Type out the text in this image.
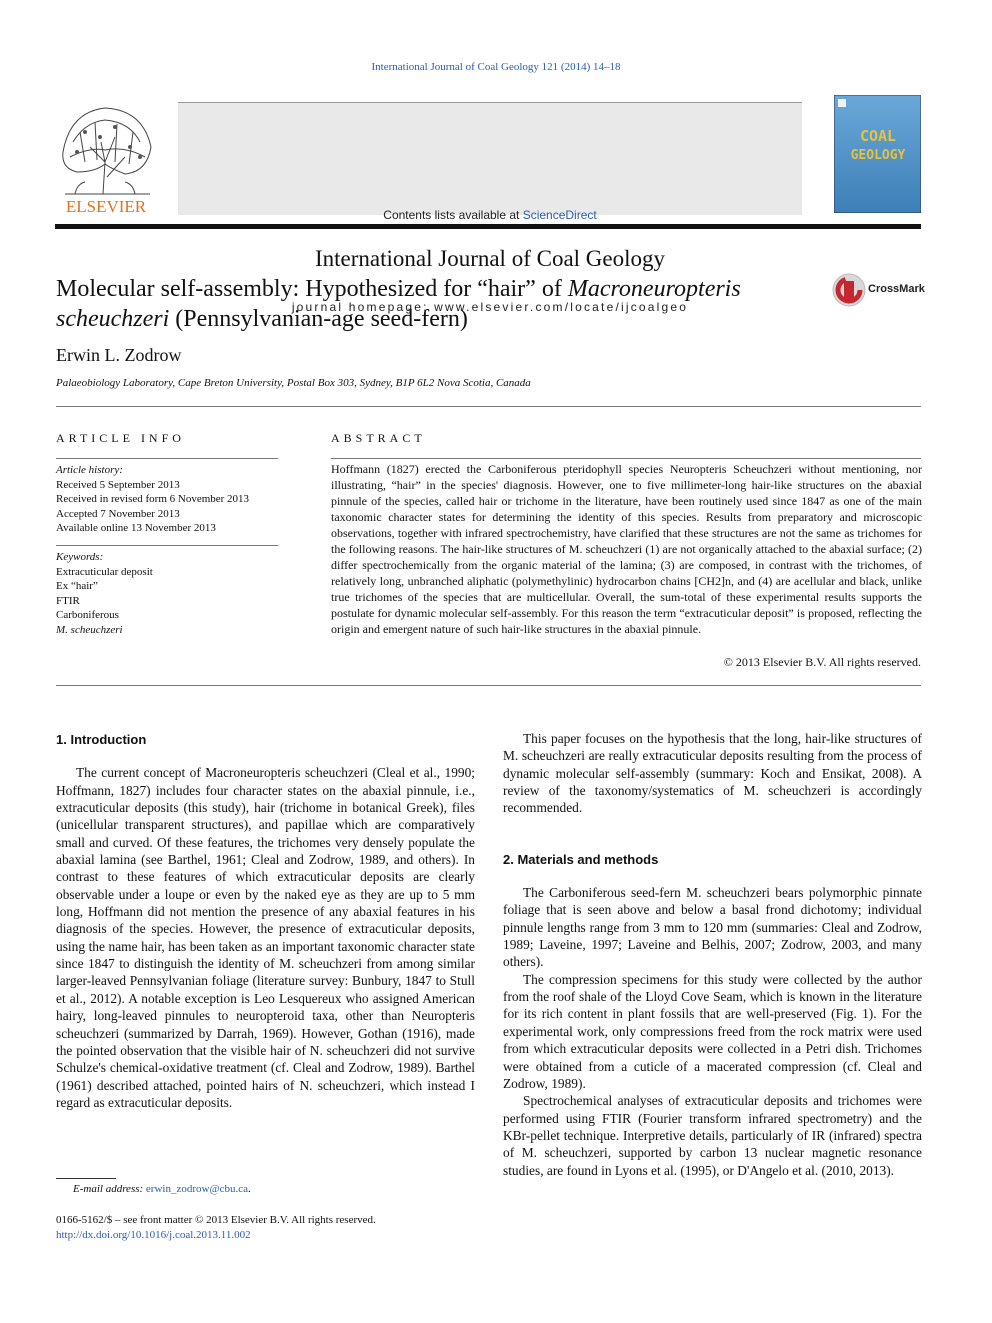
International Journal of Coal Geology 121 (2014) 14–18
ELSEVIER	Contents lists available at ScienceDirect
International Journal of Coal Geology
journal homepage: www.elsevier.com/locate/ijcoalgeo
COAL
GEOLOGY
Molecular self-assembly: Hypothesized for “hair” of Macroneuropteris scheuchzeri (Pennsylvanian-age seed-fern)
CrossMark
Erwin L. Zodrow
Palaeobiology Laboratory, Cape Breton University, Postal Box 303, Sydney, B1P 6L2 Nova Scotia, Canada
ARTICLE INFO
Article history:
Received 5 September 2013
Received in revised form 6 November 2013
Accepted 7 November 2013
Available online 13 November 2013
Keywords:
Extracuticular deposit
Ex “hair”
FTIR
Carboniferous
M. scheuchzeri
ABSTRACT
Hoffmann (1827) erected the Carboniferous pteridophyll species Neuropteris Scheuchzeri without mentioning, nor illustrating, “hair” in the species' diagnosis. However, one to five millimeter-long hair-like structures on the abaxial pinnule of the species, called hair or trichome in the literature, have been routinely used since 1847 as one of the main taxonomic character states for determining the identity of this species. Results from preparatory and microscopic observations, together with infrared spectrochemistry, have clarified that these structures are not the same as trichomes for the following reasons. The hair-like structures of M. scheuchzeri (1) are not organically attached to the abaxial surface; (2) differ spectrochemically from the organic material of the lamina; (3) are composed, in contrast with the trichomes, of relatively long, unbranched aliphatic (polymethylinic) hydrocarbon chains [CH2]n, and (4) are acellular and black, unlike true trichomes of the species that are multicellular. Overall, the sum-total of these experimental results supports the postulate for dynamic molecular self-assembly. For this reason the term “extracuticular deposit” is proposed, reflecting the origin and emergent nature of such hair-like structures in the abaxial pinnule.
© 2013 Elsevier B.V. All rights reserved.
1. Introduction

The current concept of Macroneuropteris scheuchzeri (Cleal et al., 1990; Hoffmann, 1827) includes four character states on the abaxial pinnule, i.e., extracuticular deposits (this study), hair (trichome in botanical Greek), files (unicellular transparent structures), and papillae which are comparatively small and curved. Of these features, the trichomes very densely populate the abaxial lamina (see Barthel, 1961; Cleal and Zodrow, 1989, and others). In contrast to these features of which extracuticular deposits are clearly observable under a loupe or even by the naked eye as they are up to 5 mm long, Hoffmann did not mention the presence of any abaxial features in his diagnosis of the species. However, the presence of extracuticular deposits, using the name hair, has been taken as an important taxonomic character state since 1847 to distinguish the identity of M. scheuchzeri from among similar larger-leaved Pennsylvanian foliage (literature survey: Bunbury, 1847 to Stull et al., 2012). A notable exception is Leo Lesquereux who assigned American hairy, long-leaved pinnules to neuropteroid taxa, other than Neuropteris scheuchzeri (summarized by Darrah, 1969). However, Gothan (1916), made the pointed observation that the visible hair of N. scheuchzeri did not survive Schulze's chemical-oxidative treatment (cf. Cleal and Zodrow, 1989). Barthel (1961) described attached, pointed hairs of N. scheuchzeri, which instead I regard as extracuticular deposits.

E-mail address: erwin_zodrow@cbu.ca.
0166-5162/$ – see front matter © 2013 Elsevier B.V. All rights reserved.
http://dx.doi.org/10.1016/j.coal.2013.11.002

This paper focuses on the hypothesis that the long, hair-like structures of M. scheuchzeri are really extracuticular deposits resulting from the process of dynamic molecular self-assembly (summary: Koch and Ensikat, 2008). A review of the taxonomy/systematics of M. scheuchzeri is accordingly recommended.

2. Materials and methods

The Carboniferous seed-fern M. scheuchzeri bears polymorphic pinnate foliage that is seen above and below a basal frond dichotomy; individual pinnule lengths range from 3 mm to 120 mm (summaries: Cleal and Zodrow, 1989; Laveine, 1997; Laveine and Belhis, 2007; Zodrow, 2003, and many others).

The compression specimens for this study were collected by the author from the roof shale of the Lloyd Cove Seam, which is known in the literature for its rich content in plant fossils that are well-preserved (Fig. 1). For the experimental work, only compressions freed from the rock matrix were used from which extracuticular deposits were collected in a Petri dish. Trichomes were obtained from a cuticle of a macerated compression (cf. Cleal and Zodrow, 1989).

Spectrochemical analyses of extracuticular deposits and trichomes were performed using FTIR (Fourier transform infrared spectrometry) and the KBr-pellet technique. Interpretive details, particularly of IR (infrared) spectra of M. scheuchzeri, supported by carbon 13 nuclear magnetic resonance studies, are found in Lyons et al. (1995), or D'Angelo et al. (2010, 2013).
